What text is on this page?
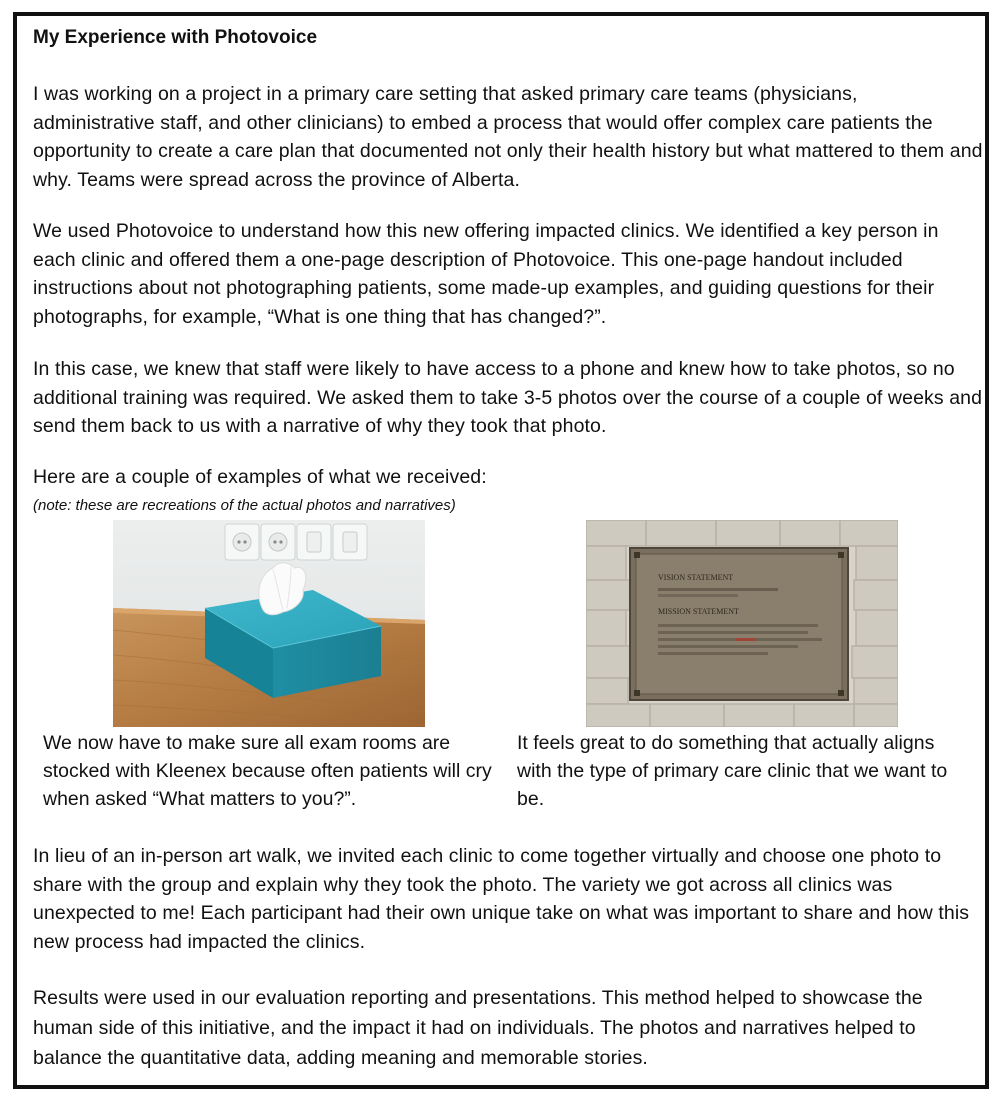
My Experience with Photovoice
I was working on a project in a primary care setting that asked primary care teams (physicians, administrative staff, and other clinicians) to embed a process that would offer complex care patients the opportunity to create a care plan that documented not only their health history but what mattered to them and why. Teams were spread across the province of Alberta.
We used Photovoice to understand how this new offering impacted clinics. We identified a key person in each clinic and offered them a one-page description of Photovoice. This one-page handout included instructions about not photographing patients, some made-up examples, and guiding questions for their photographs, for example, “What is one thing that has changed?”.
In this case, we knew that staff were likely to have access to a phone and knew how to take photos, so no additional training was required. We asked them to take 3-5 photos over the course of a couple of weeks and send them back to us with a narrative of why they took that photo.
Here are a couple of examples of what we received:
(note: these are recreations of the actual photos and narratives)
VISION STATEMENT
MISSION STATEMENT
We now have to make sure all exam rooms are stocked with Kleenex because often patients will cry when asked “What matters to you?”.
It feels great to do something that actually aligns with the type of primary care clinic that we want to be.
In lieu of an in-person art walk, we invited each clinic to come together virtually and choose one photo to share with the group and explain why they took the photo. The variety we got across all clinics was unexpected to me! Each participant had their own unique take on what was important to share and how this new process had impacted the clinics.
Results were used in our evaluation reporting and presentations. This method helped to showcase the human side of this initiative, and the impact it had on individuals. The photos and narratives helped to balance the quantitative data, adding meaning and memorable stories.
